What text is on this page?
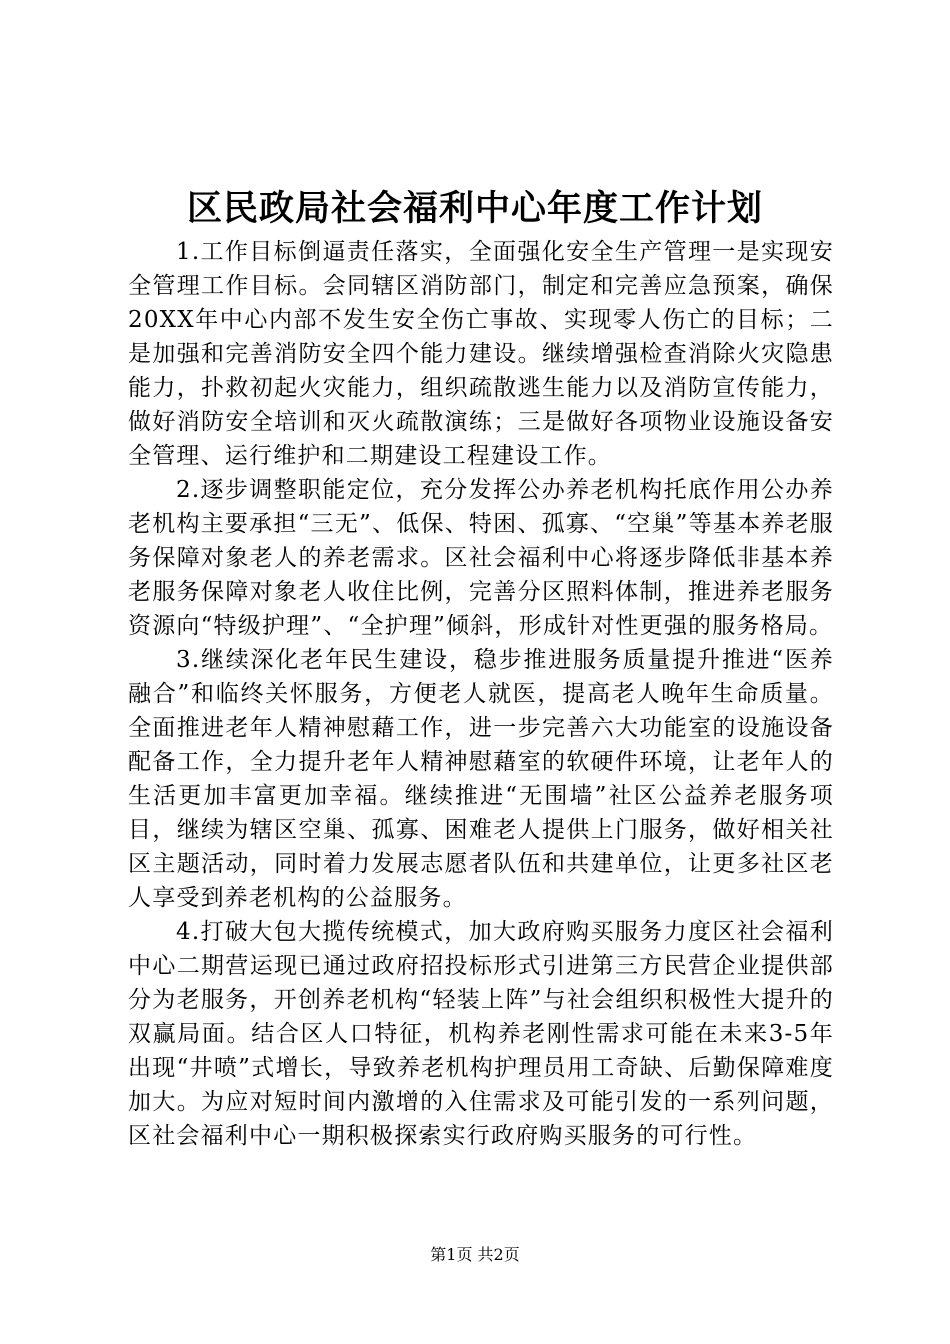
区民政局社会福利中心年度工作计划

1.工作目标倒逼责任落实，全面强化安全生产管理一是实现安全管理工作目标。会同辖区消防部门，制定和完善应急预案，确保20XX年中心内部不发生安全伤亡事故、实现零人伤亡的目标；二是加强和完善消防安全四个能力建设。继续增强检查消除火灾隐患能力，扑救初起火灾能力，组织疏散逃生能力以及消防宣传能力，做好消防安全培训和灭火疏散演练；三是做好各项物业设施设备安全管理、运行维护和二期建设工程建设工作。

2.逐步调整职能定位，充分发挥公办养老机构托底作用公办养老机构主要承担“三无”、低保、特困、孤寡、“空巢”等基本养老服务保障对象老人的养老需求。区社会福利中心将逐步降低非基本养老服务保障对象老人收住比例，完善分区照料体制，推进养老服务资源向“特级护理”、“全护理”倾斜，形成针对性更强的服务格局。

3.继续深化老年民生建设，稳步推进服务质量提升推进“医养融合”和临终关怀服务，方便老人就医，提高老人晚年生命质量。全面推进老年人精神慰藉工作，进一步完善六大功能室的设施设备配备工作，全力提升老年人精神慰藉室的软硬件环境，让老年人的生活更加丰富更加幸福。继续推进“无围墙”社区公益养老服务项目，继续为辖区空巢、孤寡、困难老人提供上门服务，做好相关社区主题活动，同时着力发展志愿者队伍和共建单位，让更多社区老人享受到养老机构的公益服务。

4.打破大包大揽传统模式，加大政府购买服务力度区社会福利中心二期营运现已通过政府招投标形式引进第三方民营企业提供部分为老服务，开创养老机构“轻装上阵”与社会组织积极性大提升的双赢局面。结合区人口特征，机构养老刚性需求可能在未来3-5年出现“井喷”式增长，导致养老机构护理员用工奇缺、后勤保障难度加大。为应对短时间内激增的入住需求及可能引发的一系列问题，区社会福利中心一期积极探索实行政府购买服务的可行性。

第1页 共2页
